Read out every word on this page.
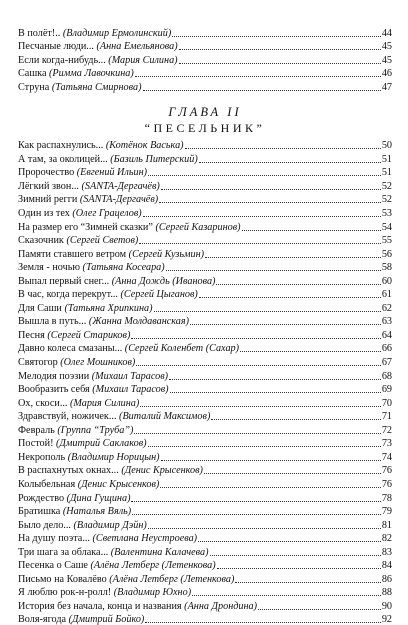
В полёт!.. (Владимир Ермолинский)	44
Песчаные люди... (Анна Емельянова)	45
Если когда-нибудь... (Мария Силина)	45
Сашка (Римма Лавочкина)	46
Струна (Татьяна Смирнова)	47
ГЛАВА II
“ПЕСЕЛЬНИК”
Как распахнулись... (Котёнок Васька)	50
А там, за околицей... (Базиль Питерский)	51
Пророчество (Евгений Ильин)	51
Лёгкий звон... (SANTA-Дергачёв)	52
Зимний регги (SANTA-Дергачёв)	52
Один из тех (Олег Грацелов)	53
На размер его “Зимней сказки” (Сергей Казаринов)	54
Сказочник (Сергей Светов)	55
Памяти ставшего ветром (Сергей Кузьмин)	56
Земля - ночью (Татьяна Косеара)	58
Выпал первый снег... (Анна Дождь (Иванова)	60
В час, когда перекрут... (Сергей Цыганов)	61
Для Саши (Татьяна Хрипкина)	62
Вышла в путь... (Жанна Молдаванская)	63
Песня (Сергей Стариков)	64
Давно колеса смазаны... (Сергей Коленбет (Сахар)	66
Святогор (Олег Мошников)	67
Мелодия поэзии (Михаил Тарасов)	68
Вообразить себя (Михаил Тарасов)	69
Ох, скоси... (Мария Силина)	70
Здравствуй, ножичек... (Виталий Максимов)	71
Февраль (Группа “Труба”)	72
Постой! (Дмитрий Саклаков)	73
Некрополь (Владимир Норицын)	74
В распахнутых окнах... (Денис Крысенков)	76
Колыбельная (Денис Крысенков)	76
Рождество (Дина Гущина)	78
Братишка (Наталья Вяль)	79
Было дело... (Владимир Дэйн)	81
На душу поэта... (Светлана Неустроева)	82
Три шага за облака... (Валентина Калачева)	83
Песенка о Саше (Алёна Летберг (Летенкова)	84
Письмо на Ковалёво (Алёна Летберг (Летенкова)	86
Я люблю рок-н-ролл! (Владимир Юхно)	88
История без начала, конца и названия (Анна Дрондина)	90
Воля-ягода (Дмитрий Бойко)	92
